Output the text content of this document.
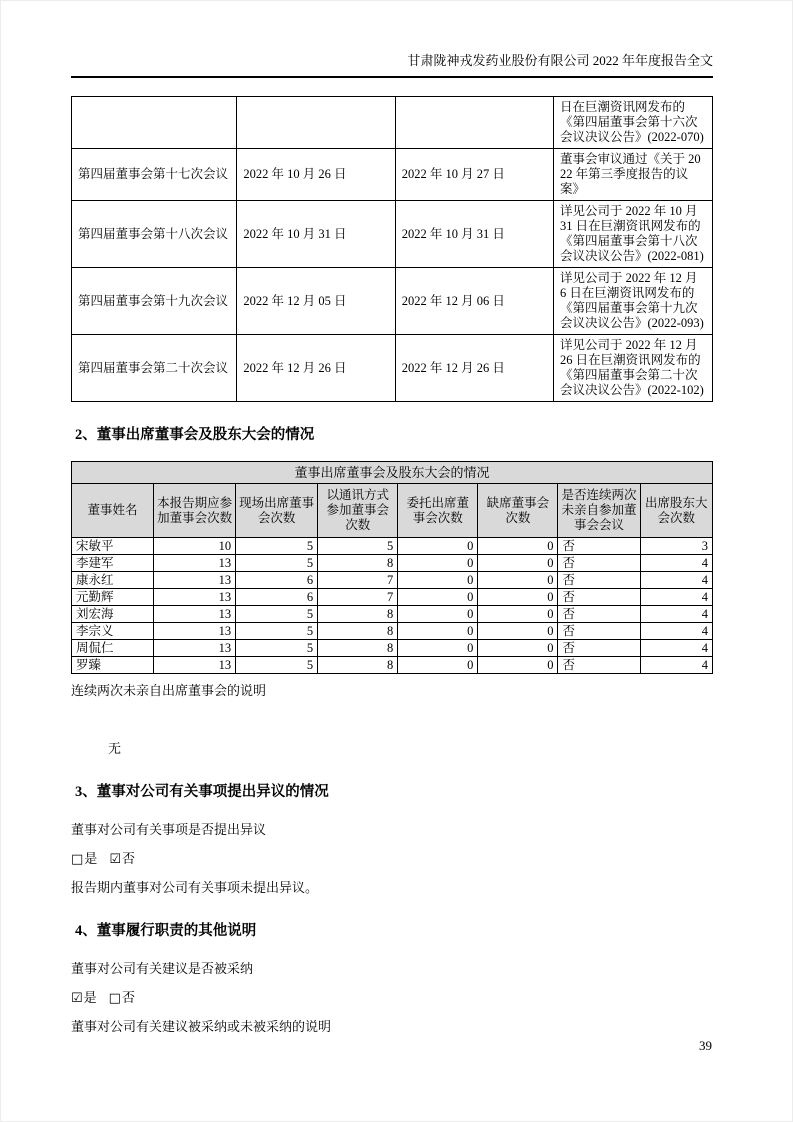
甘肃陇神戎发药业股份有限公司 2022 年年度报告全文
			日在巨潮资讯网发布的《第四届董事会第十六次会议决议公告》(2022-070)
第四届董事会第十七次会议	2022 年 10 月 26 日	2022 年 10 月 27 日	董事会审议通过《关于 2022 年第三季度报告的议案》
第四届董事会第十八次会议	2022 年 10 月 31 日	2022 年 10 月 31 日	详见公司于 2022 年 10 月 31 日在巨潮资讯网发布的《第四届董事会第十八次会议决议公告》(2022-081)
第四届董事会第十九次会议	2022 年 12 月 05 日	2022 年 12 月 06 日	详见公司于 2022 年 12 月 6 日在巨潮资讯网发布的《第四届董事会第十九次会议决议公告》(2022-093)
第四届董事会第二十次会议	2022 年 12 月 26 日	2022 年 12 月 26 日	详见公司于 2022 年 12 月 26 日在巨潮资讯网发布的《第四届董事会第二十次会议决议公告》(2022-102)
2、董事出席董事会及股东大会的情况
董事出席董事会及股东大会的情况
董事姓名	本报告期应参加董事会次数	现场出席董事会次数	以通讯方式参加董事会次数	委托出席董事会次数	缺席董事会次数	是否连续两次未亲自参加董事会会议	出席股东大会次数
宋敏平	10	5	5	0	0	否	3
李建军	13	5	8	0	0	否	4
康永红	13	6	7	0	0	否	4
元勤辉	13	6	7	0	0	否	4
刘宏海	13	5	8	0	0	否	4
李宗义	13	5	8	0	0	否	4
周侃仁	13	5	8	0	0	否	4
罗臻	13	5	8	0	0	否	4
连续两次未亲自出席董事会的说明
无
3、董事对公司有关事项提出异议的情况
董事对公司有关事项是否提出异议
□是 ☑否
报告期内董事对公司有关事项未提出异议。
4、董事履行职责的其他说明
董事对公司有关建议是否被采纳
☑是 □否
董事对公司有关建议被采纳或未被采纳的说明
39
